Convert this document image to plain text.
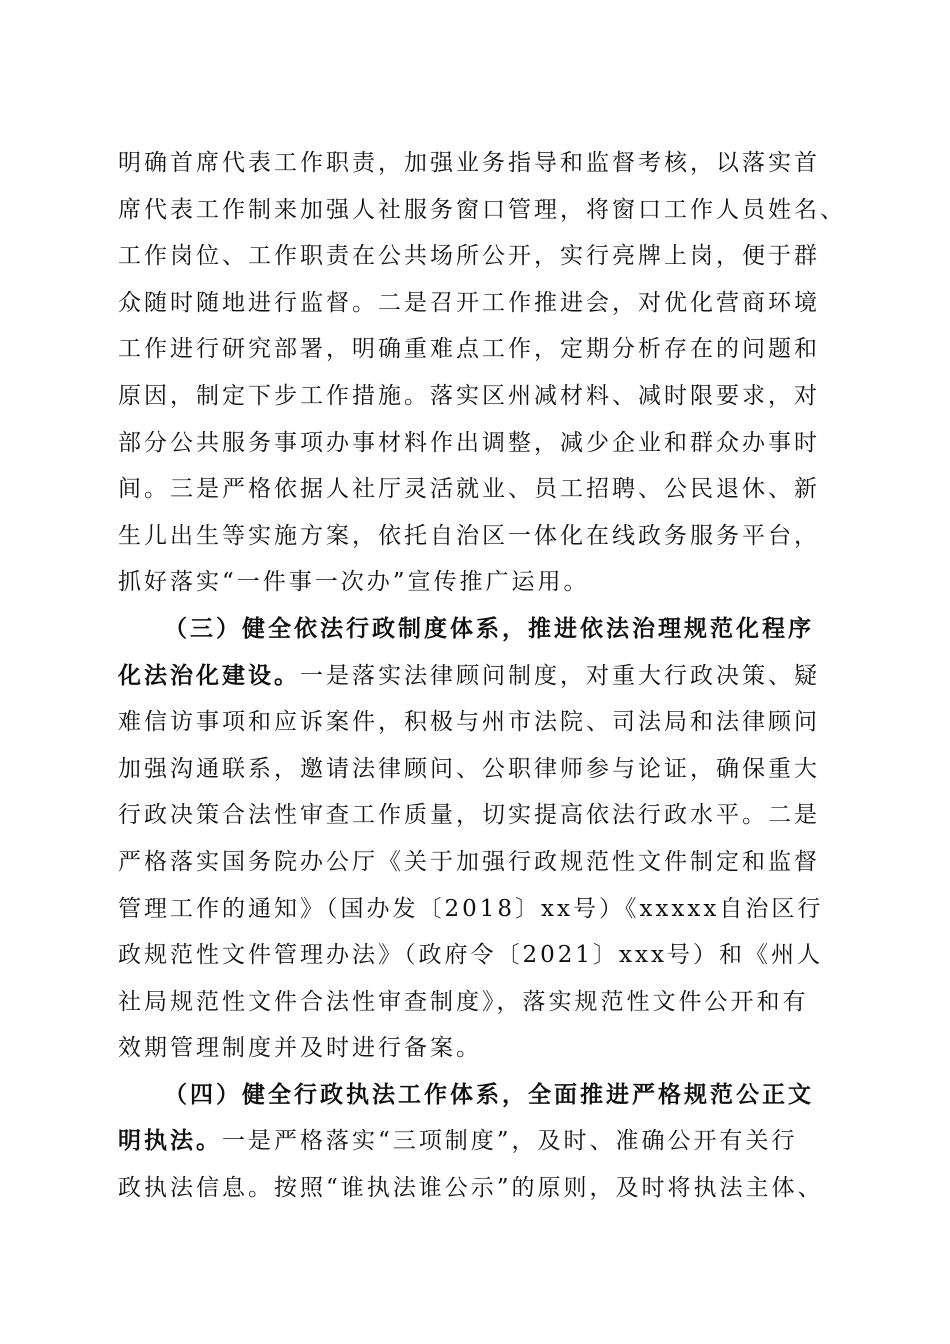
明确首席代表工作职责，加强业务指导和监督考核，以落实首
席代表工作制来加强人社服务窗口管理，将窗口工作人员姓名、
工作岗位、工作职责在公共场所公开，实行亮牌上岗，便于群
众随时随地进行监督。二是召开工作推进会，对优化营商环境
工作进行研究部署，明确重难点工作，定期分析存在的问题和
原因，制定下步工作措施。落实区州减材料、减时限要求，对
部分公共服务事项办事材料作出调整，减少企业和群众办事时
间。三是严格依据人社厅灵活就业、员工招聘、公民退休、新
生儿出生等实施方案，依托自治区一体化在线政务服务平台，
抓好落实“一件事一次办”宣传推广运用。
（三）健全依法行政制度体系，推进依法治理规范化程序
化法治化建设。一是落实法律顾问制度，对重大行政决策、疑
难信访事项和应诉案件，积极与州市法院、司法局和法律顾问
加强沟通联系，邀请法律顾问、公职律师参与论证，确保重大
行政决策合法性审查工作质量，切实提高依法行政水平。二是
严格落实国务院办公厅《关于加强行政规范性文件制定和监督
管理工作的通知》（国办发〔2018〕xx号）《xxxxx自治区行
政规范性文件管理办法》（政府令〔2021〕xxx号）和《州人
社局规范性文件合法性审查制度》，落实规范性文件公开和有
效期管理制度并及时进行备案。
（四）健全行政执法工作体系，全面推进严格规范公正文
明执法。一是严格落实“三项制度”，及时、准确公开有关行
政执法信息。按照“谁执法谁公示”的原则，及时将执法主体、
